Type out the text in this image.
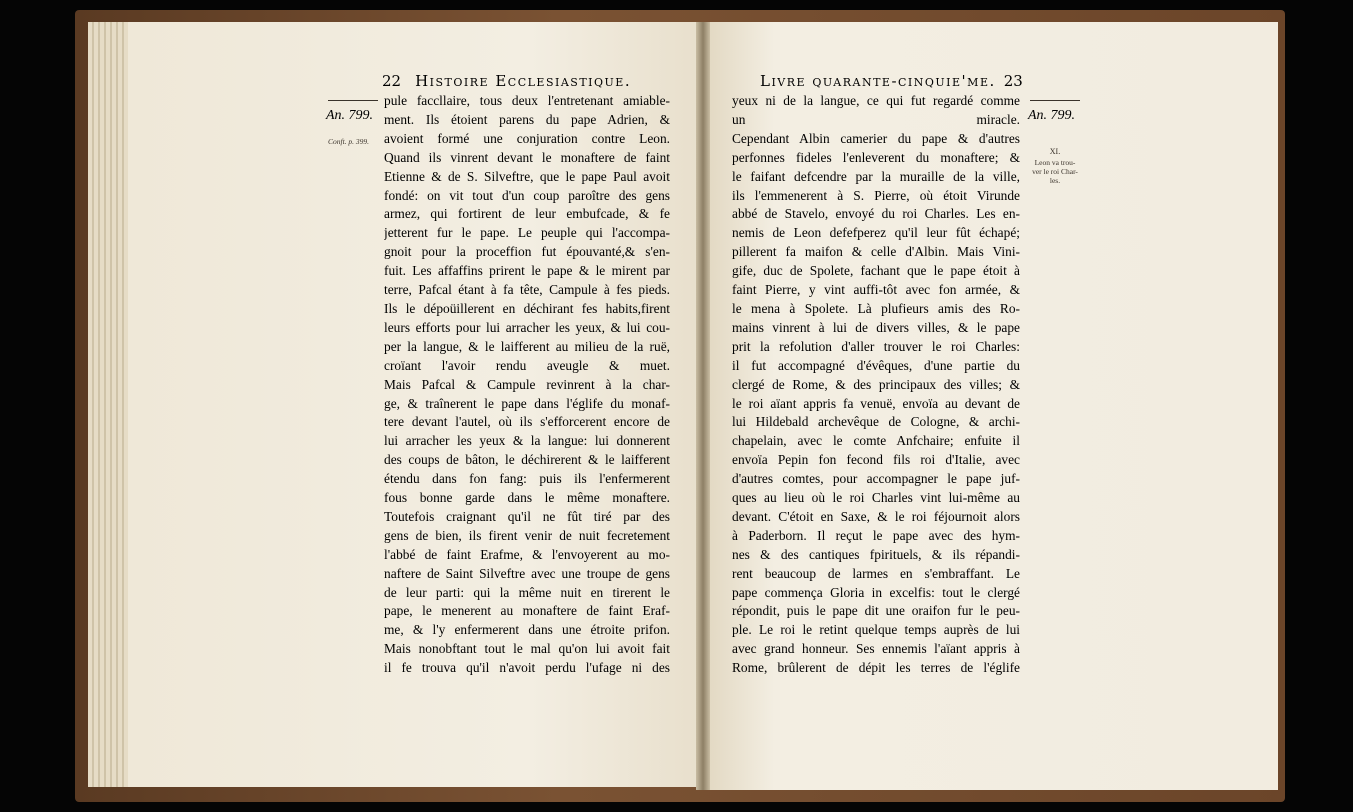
22 Histoire Ecclesiastique.
An. 799.
Conft. p. 399.
pule faccllaire, tous deux l'entretenant amiable-
ment. Ils étoient parens du pape Adrien, &
avoient formé une conjuration contre Leon.
Quand ils vinrent devant le monaftere de faint
Etienne & de S. Silveftre, que le pape Paul avoit
fondé: on vit tout d'un coup paroître des gens
armez, qui fortirent de leur embufcade, & fe
jetterent fur le pape. Le peuple qui l'accompa-
gnoit pour la proceffion fut épouvanté,& s'en-
fuit. Les affaffins prirent le pape & le mirent par
terre, Pafcal étant à fa tête, Campule à fes pieds.
Ils le dépoüillerent en déchirant fes habits,firent
leurs efforts pour lui arracher les yeux, & lui cou-
per la langue, & le laifferent au milieu de la ruë,
croïant l'avoir rendu aveugle & muet.
Mais Pafcal & Campule revinrent à la char-
ge, & traînerent le pape dans l'églife du monaf-
tere devant l'autel, où ils s'efforcerent encore de
lui arracher les yeux & la langue: lui donnerent
des coups de bâton, le déchirerent & le laifferent
étendu dans fon fang: puis ils l'enfermerent
fous bonne garde dans le même monaftere.
Toutefois craignant qu'il ne fût tiré par des
gens de bien, ils firent venir de nuit fecretement
l'abbé de faint Erafme, & l'envoyerent au mo-
naftere de Saint Silveftre avec une troupe de gens
de leur parti: qui la même nuit en tirerent le
pape, le menerent au monaftere de faint Eraf-
me, & l'y enfermerent dans une étroite prifon.
Mais nonobftant tout le mal qu'on lui avoit fait
il fe trouva qu'il n'avoit perdu l'ufage ni des
Livre quarante-cinquie'me. 23
An. 799.
XI.
Leon va trou- ver le roi Char- les.
yeux ni de la langue, ce qui fut regardé comme
un miracle.
Cependant Albin camerier du pape & d'autres
perfonnes fideles l'enleverent du monaftere; &
le faifant defcendre par la muraille de la ville,
ils l'emmenerent à S. Pierre, où étoit Virunde
abbé de Stavelo, envoyé du roi Charles. Les en-
nemis de Leon defefperez qu'il leur fût échapé;
pillerent fa maifon & celle d'Albin. Mais Vini-
gife, duc de Spolete, fachant que le pape étoit à
faint Pierre, y vint auffi-tôt avec fon armée, &
le mena à Spolete. Là plufieurs amis des Ro-
mains vinrent à lui de divers villes, & le pape
prit la refolution d'aller trouver le roi Charles:
il fut accompagné d'évêques, d'une partie du
clergé de Rome, & des principaux des villes; &
le roi aïant appris fa venuë, envoïa au devant de
lui Hildebald archevêque de Cologne, & archi-
chapelain, avec le comte Anfchaire; enfuite il
envoïa Pepin fon fecond fils roi d'Italie, avec
d'autres comtes, pour accompagner le pape juf-
ques au lieu où le roi Charles vint lui-même au
devant. C'étoit en Saxe, & le roi féjournoit alors
à Paderborn. Il reçut le pape avec des hym-
nes & des cantiques fpirituels, & ils répandi-
rent beaucoup de larmes en s'embraffant. Le
pape commença Gloria in excelfis: tout le clergé
répondit, puis le pape dit une oraifon fur le peu-
ple. Le roi le retint quelque temps auprès de lui
avec grand honneur. Ses ennemis l'aïant appris à
Rome, brûlerent de dépit les terres de l'églife
